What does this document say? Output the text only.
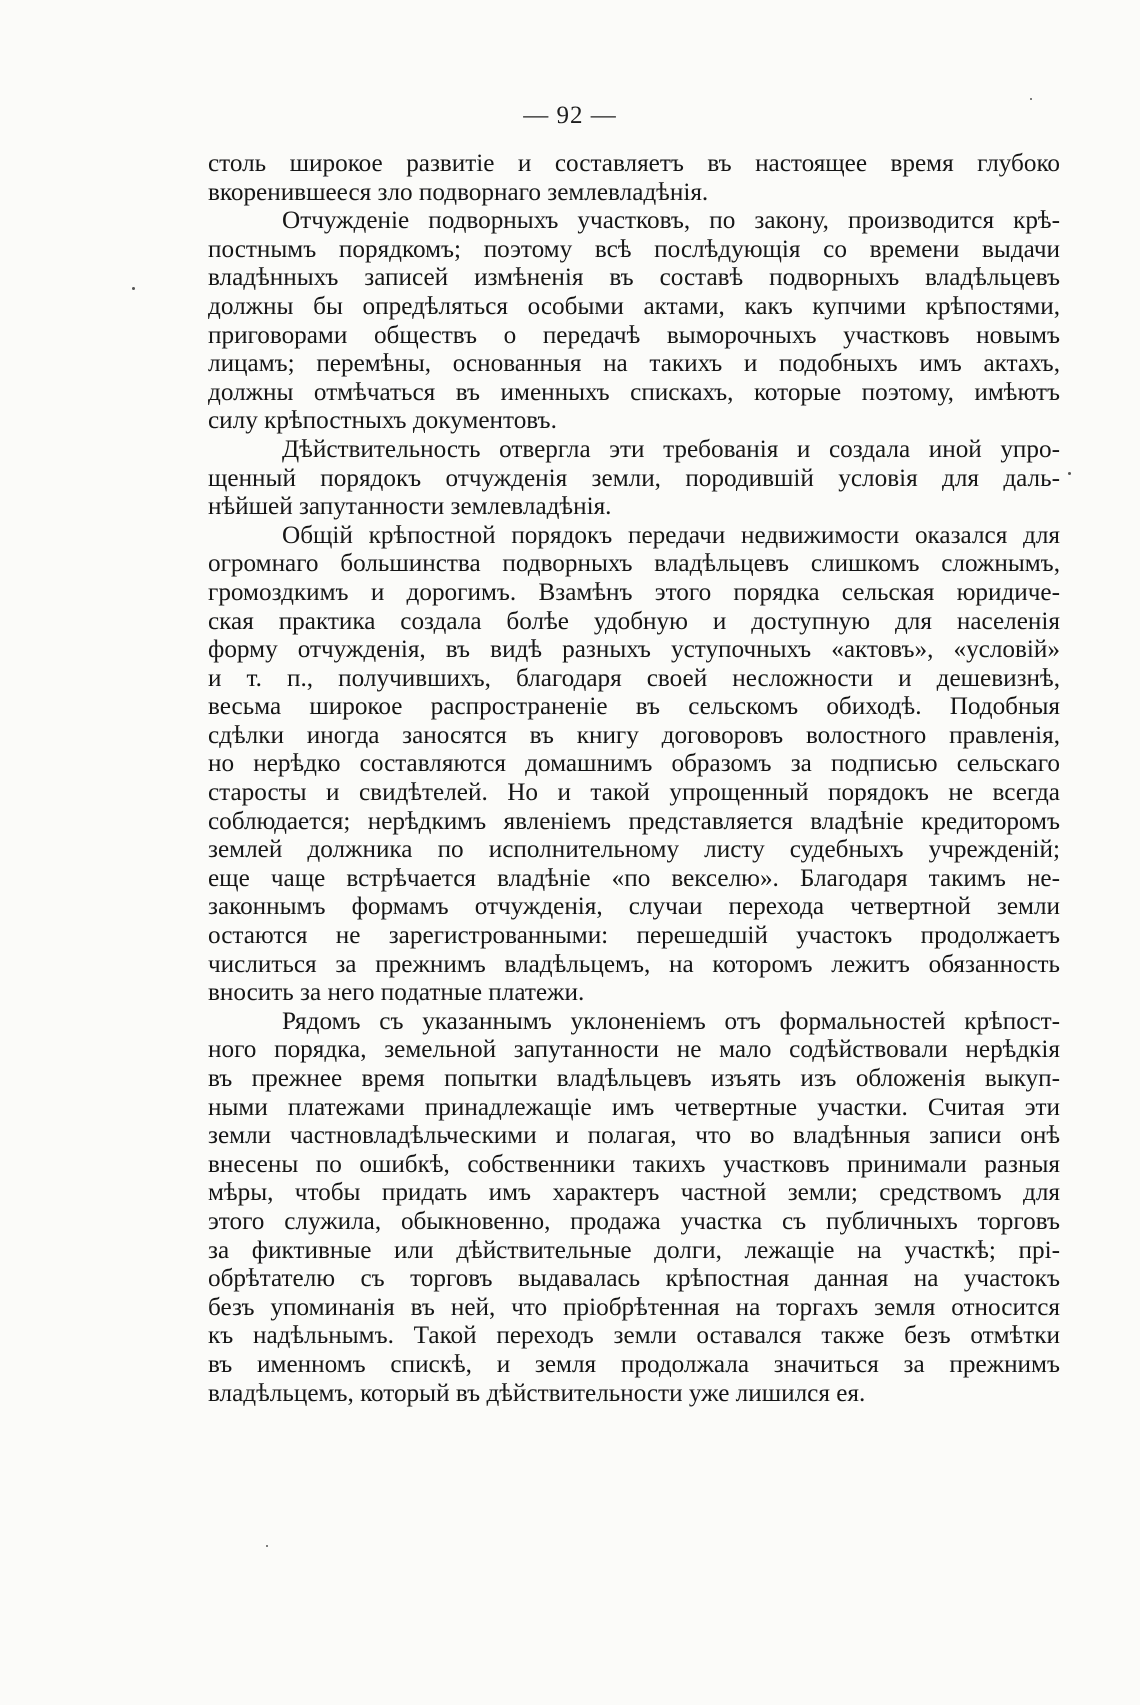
— 92 —
столь широкое развитіе и составляетъ въ настоящее время глубоко
вкоренившееся зло подворнаго землевладѣнія.
Отчужденіе подворныхъ участковъ, по закону, производится крѣ-
постнымъ порядкомъ; поэтому всѣ послѣдующія со времени выдачи
владѣнныхъ записей измѣненія въ составѣ подворныхъ владѣльцевъ
должны бы опредѣляться особыми актами, какъ купчими крѣпостями,
приговорами обществъ о передачѣ выморочныхъ участковъ новымъ
лицамъ; перемѣны, основанныя на такихъ и подобныхъ имъ актахъ,
должны отмѣчаться въ именныхъ спискахъ, которые поэтому, имѣютъ
силу крѣпостныхъ документовъ.
Дѣйствительность отвергла эти требованія и создала иной упро-
щенный порядокъ отчужденія земли, породившій условія для даль-
нѣйшей запутанности землевладѣнія.
Общій крѣпостной порядокъ передачи недвижимости оказался для
огромнаго большинства подворныхъ владѣльцевъ слишкомъ сложнымъ,
громоздкимъ и дорогимъ. Взамѣнъ этого порядка сельская юридиче-
ская практика создала болѣе удобную и доступную для населенія
форму отчужденія, въ видѣ разныхъ уступочныхъ «актовъ», «условій»
и т. п., получившихъ, благодаря своей несложности и дешевизнѣ,
весьма широкое распространеніе въ сельскомъ обиходѣ. Подобныя
сдѣлки иногда заносятся въ книгу договоровъ волостного правленія,
но нерѣдко составляются домашнимъ образомъ за подписью сельскаго
старосты и свидѣтелей. Но и такой упрощенный порядокъ не всегда
соблюдается; нерѣдкимъ явленіемъ представляется владѣніе кредиторомъ
землей должника по исполнительному листу судебныхъ учрежденій;
еще чаще встрѣчается владѣніе «по векселю». Благодаря такимъ не-
законнымъ формамъ отчужденія, случаи перехода четвертной земли
остаются не зарегистрованными: перешедшій участокъ продолжаетъ
числиться за прежнимъ владѣльцемъ, на которомъ лежитъ обязанность
вносить за него податные платежи.
Рядомъ съ указаннымъ уклоненіемъ отъ формальностей крѣпост-
ного порядка, земельной запутанности не мало содѣйствовали нерѣдкія
въ прежнее время попытки владѣльцевъ изъять изъ обложенія выкуп-
ными платежами принадлежащіе имъ четвертные участки. Считая эти
земли частновладѣльческими и полагая, что во владѣнныя записи онѣ
внесены по ошибкѣ, собственники такихъ участковъ принимали разныя
мѣры, чтобы придать имъ характеръ частной земли; средствомъ для
этого служила, обыкновенно, продажа участка съ публичныхъ торговъ
за фиктивные или дѣйствительные долги, лежащіе на участкѣ; прі-
обрѣтателю съ торговъ выдавалась крѣпостная данная на участокъ
безъ упоминанія въ ней, что пріобрѣтенная на торгахъ земля относится
къ надѣльнымъ. Такой переходъ земли оставался также безъ отмѣтки
въ именномъ спискѣ, и земля продолжала значиться за прежнимъ
владѣльцемъ, который въ дѣйствительности уже лишился ея.
